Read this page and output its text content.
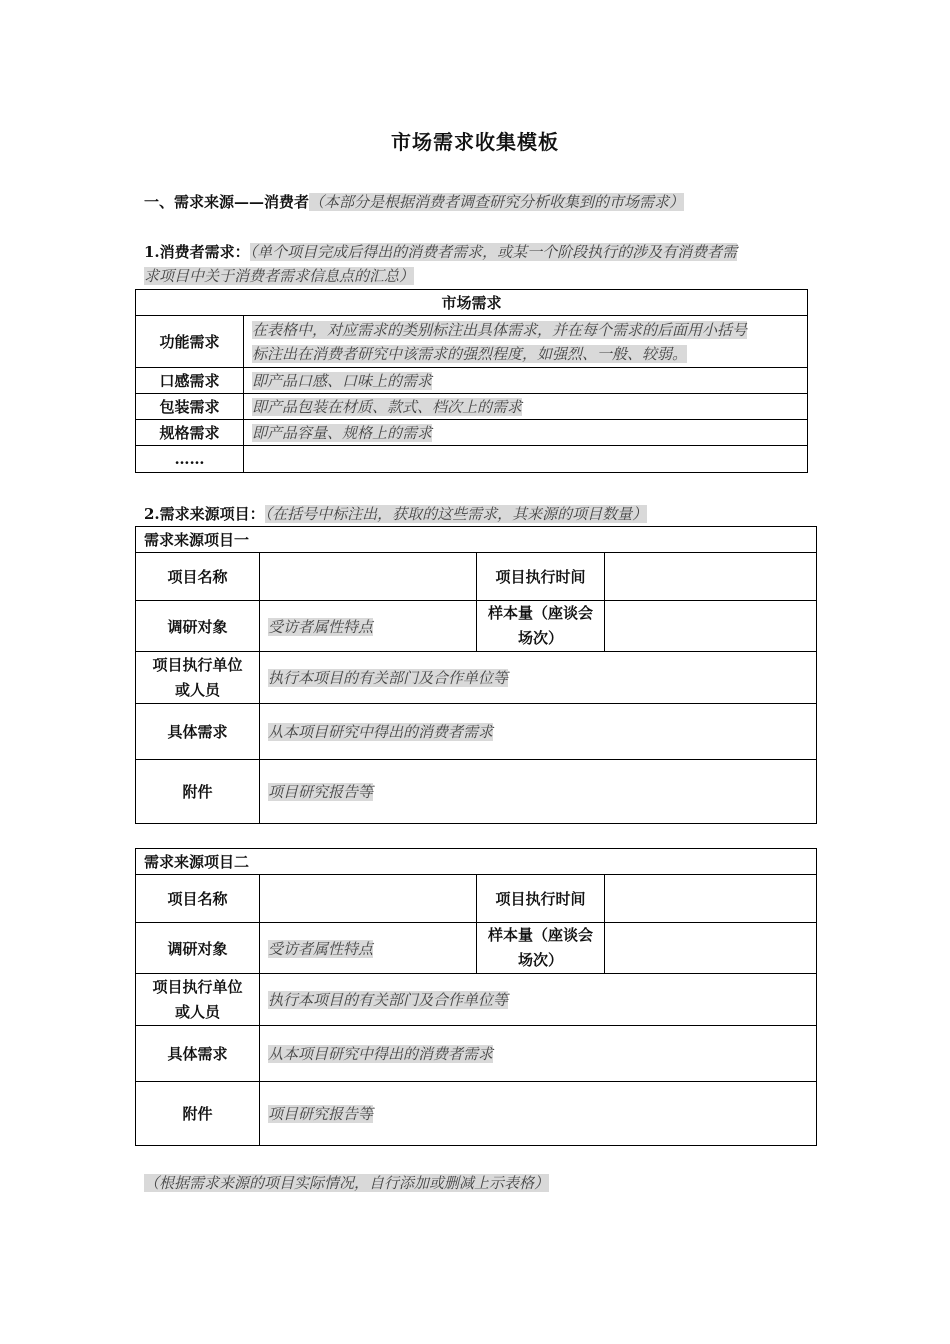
市场需求收集模板
一、需求来源——消费者（本部分是根据消费者调查研究分析收集到的市场需求）
1.消费者需求：（单个项目完成后得出的消费者需求，或某一个阶段执行的涉及有消费者需
求项目中关于消费者需求信息点的汇总）
市场需求	
功能需求	在表格中，对应需求的类别标注出具体需求，并在每个需求的后面用小括号
标注出在消费者研究中该需求的强烈程度，如强烈、一般、较弱。
口感需求	即产品口感、口味上的需求
包装需求	即产品包装在材质、款式、档次上的需求
规格需求	即产品容量、规格上的需求
……	
2.需求来源项目：（在括号中标注出，获取的这些需求，其来源的项目数量）
需求来源项目一			
项目名称		项目执行时间	
调研对象	受访者属性特点	样本量（座谈会
场次）	
项目执行单位
或人员	执行本项目的有关部门及合作单位等		
具体需求	从本项目研究中得出的消费者需求		
附件	项目研究报告等		
需求来源项目二			
项目名称		项目执行时间	
调研对象	受访者属性特点	样本量（座谈会
场次）	
项目执行单位
或人员	执行本项目的有关部门及合作单位等		
具体需求	从本项目研究中得出的消费者需求		
附件	项目研究报告等		
（根据需求来源的项目实际情况，自行添加或删减上示表格）
